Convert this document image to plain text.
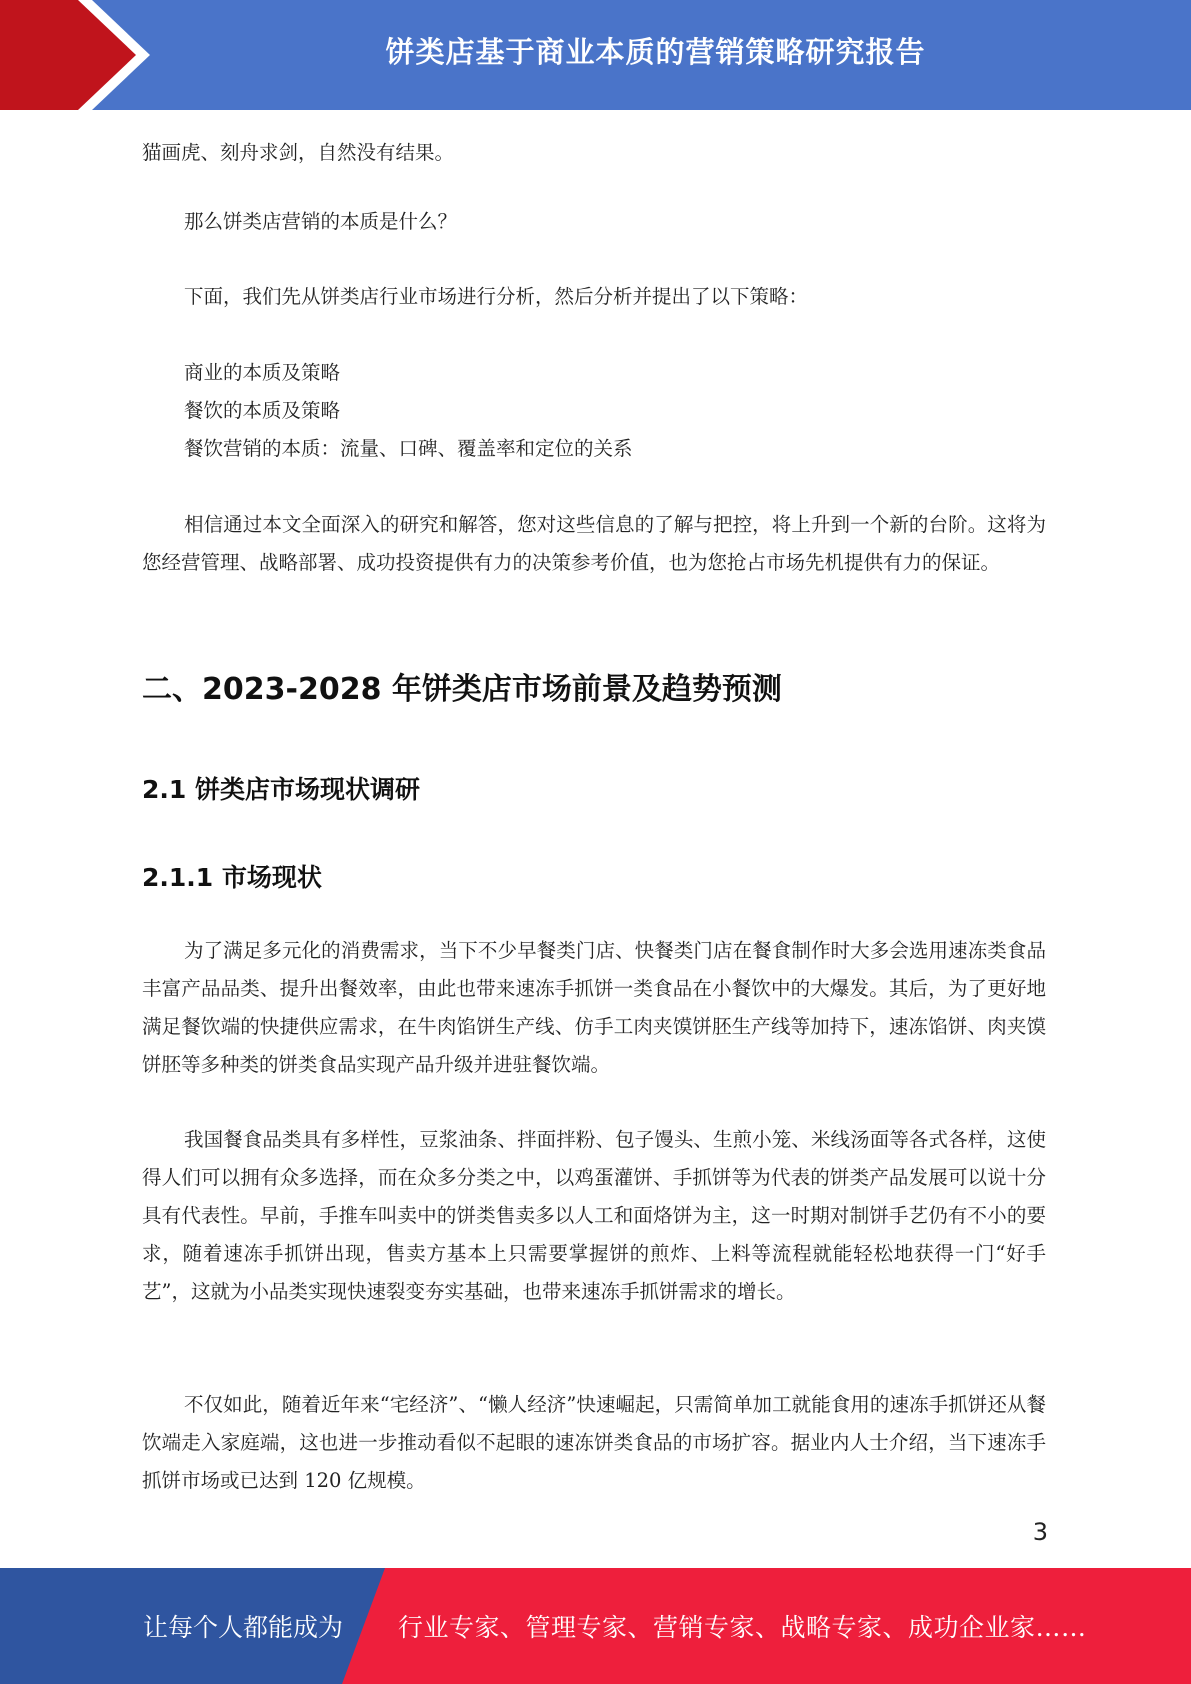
饼类店基于商业本质的营销策略研究报告

猫画虎、刻舟求剑，自然没有结果。

那么饼类店营销的本质是什么？

下面，我们先从饼类店行业市场进行分析，然后分析并提出了以下策略：

商业的本质及策略

餐饮的本质及策略

餐饮营销的本质：流量、口碑、覆盖率和定位的关系

相信通过本文全面深入的研究和解答，您对这些信息的了解与把控，将上升到一个新的台阶。这将为您经营管理、战略部署、成功投资提供有力的决策参考价值，也为您抢占市场先机提供有力的保证。

二、2023-2028 年饼类店市场前景及趋势预测
2.1 饼类店市场现状调研
2.1.1 市场现状

为了满足多元化的消费需求，当下不少早餐类门店、快餐类门店在餐食制作时大多会选用速冻类食品丰富产品品类、提升出餐效率，由此也带来速冻手抓饼一类食品在小餐饮中的大爆发。其后，为了更好地满足餐饮端的快捷供应需求，在牛肉馅饼生产线、仿手工肉夹馍饼胚生产线等加持下，速冻馅饼、肉夹馍饼胚等多种类的饼类食品实现产品升级并进驻餐饮端。

我国餐食品类具有多样性，豆浆油条、拌面拌粉、包子馒头、生煎小笼、米线汤面等各式各样，这使得人们可以拥有众多选择，而在众多分类之中，以鸡蛋灌饼、手抓饼等为代表的饼类产品发展可以说十分具有代表性。早前，手推车叫卖中的饼类售卖多以人工和面烙饼为主，这一时期对制饼手艺仍有不小的要求，随着速冻手抓饼出现，售卖方基本上只需要掌握饼的煎炸、上料等流程就能轻松地获得一门“好手艺”，这就为小品类实现快速裂变夯实基础，也带来速冻手抓饼需求的增长。

不仅如此，随着近年来“宅经济”、“懒人经济”快速崛起，只需简单加工就能食用的速冻手抓饼还从餐饮端走入家庭端，这也进一步推动看似不起眼的速冻饼类食品的市场扩容。据业内人士介绍，当下速冻手抓饼市场或已达到 120 亿规模。

3
让每个人都能成为 行业专家、管理专家、营销专家、战略专家、成功企业家……
